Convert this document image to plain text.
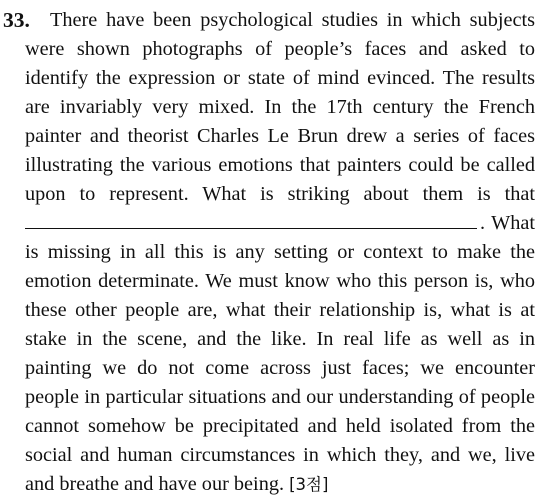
33. There have been psychological studies in which subjects
were shown photographs of people’s faces and asked to
identify the expression or state of mind evinced. The results
are invariably very mixed. In the 17th century the French
painter and theorist Charles Le Brun drew a series of faces
illustrating the various emotions that painters could be called
upon to represent. What is striking about them is that
. What
is missing in all this is any setting or context to make the
emotion determinate. We must know who this person is, who
these other people are, what their relationship is, what is at
stake in the scene, and the like. In real life as well as in
painting we do not come across just faces; we encounter
people in particular situations and our understanding of people
cannot somehow be precipitated and held isolated from the
social and human circumstances in which they, and we, live
and breathe and have our being. [3점]
